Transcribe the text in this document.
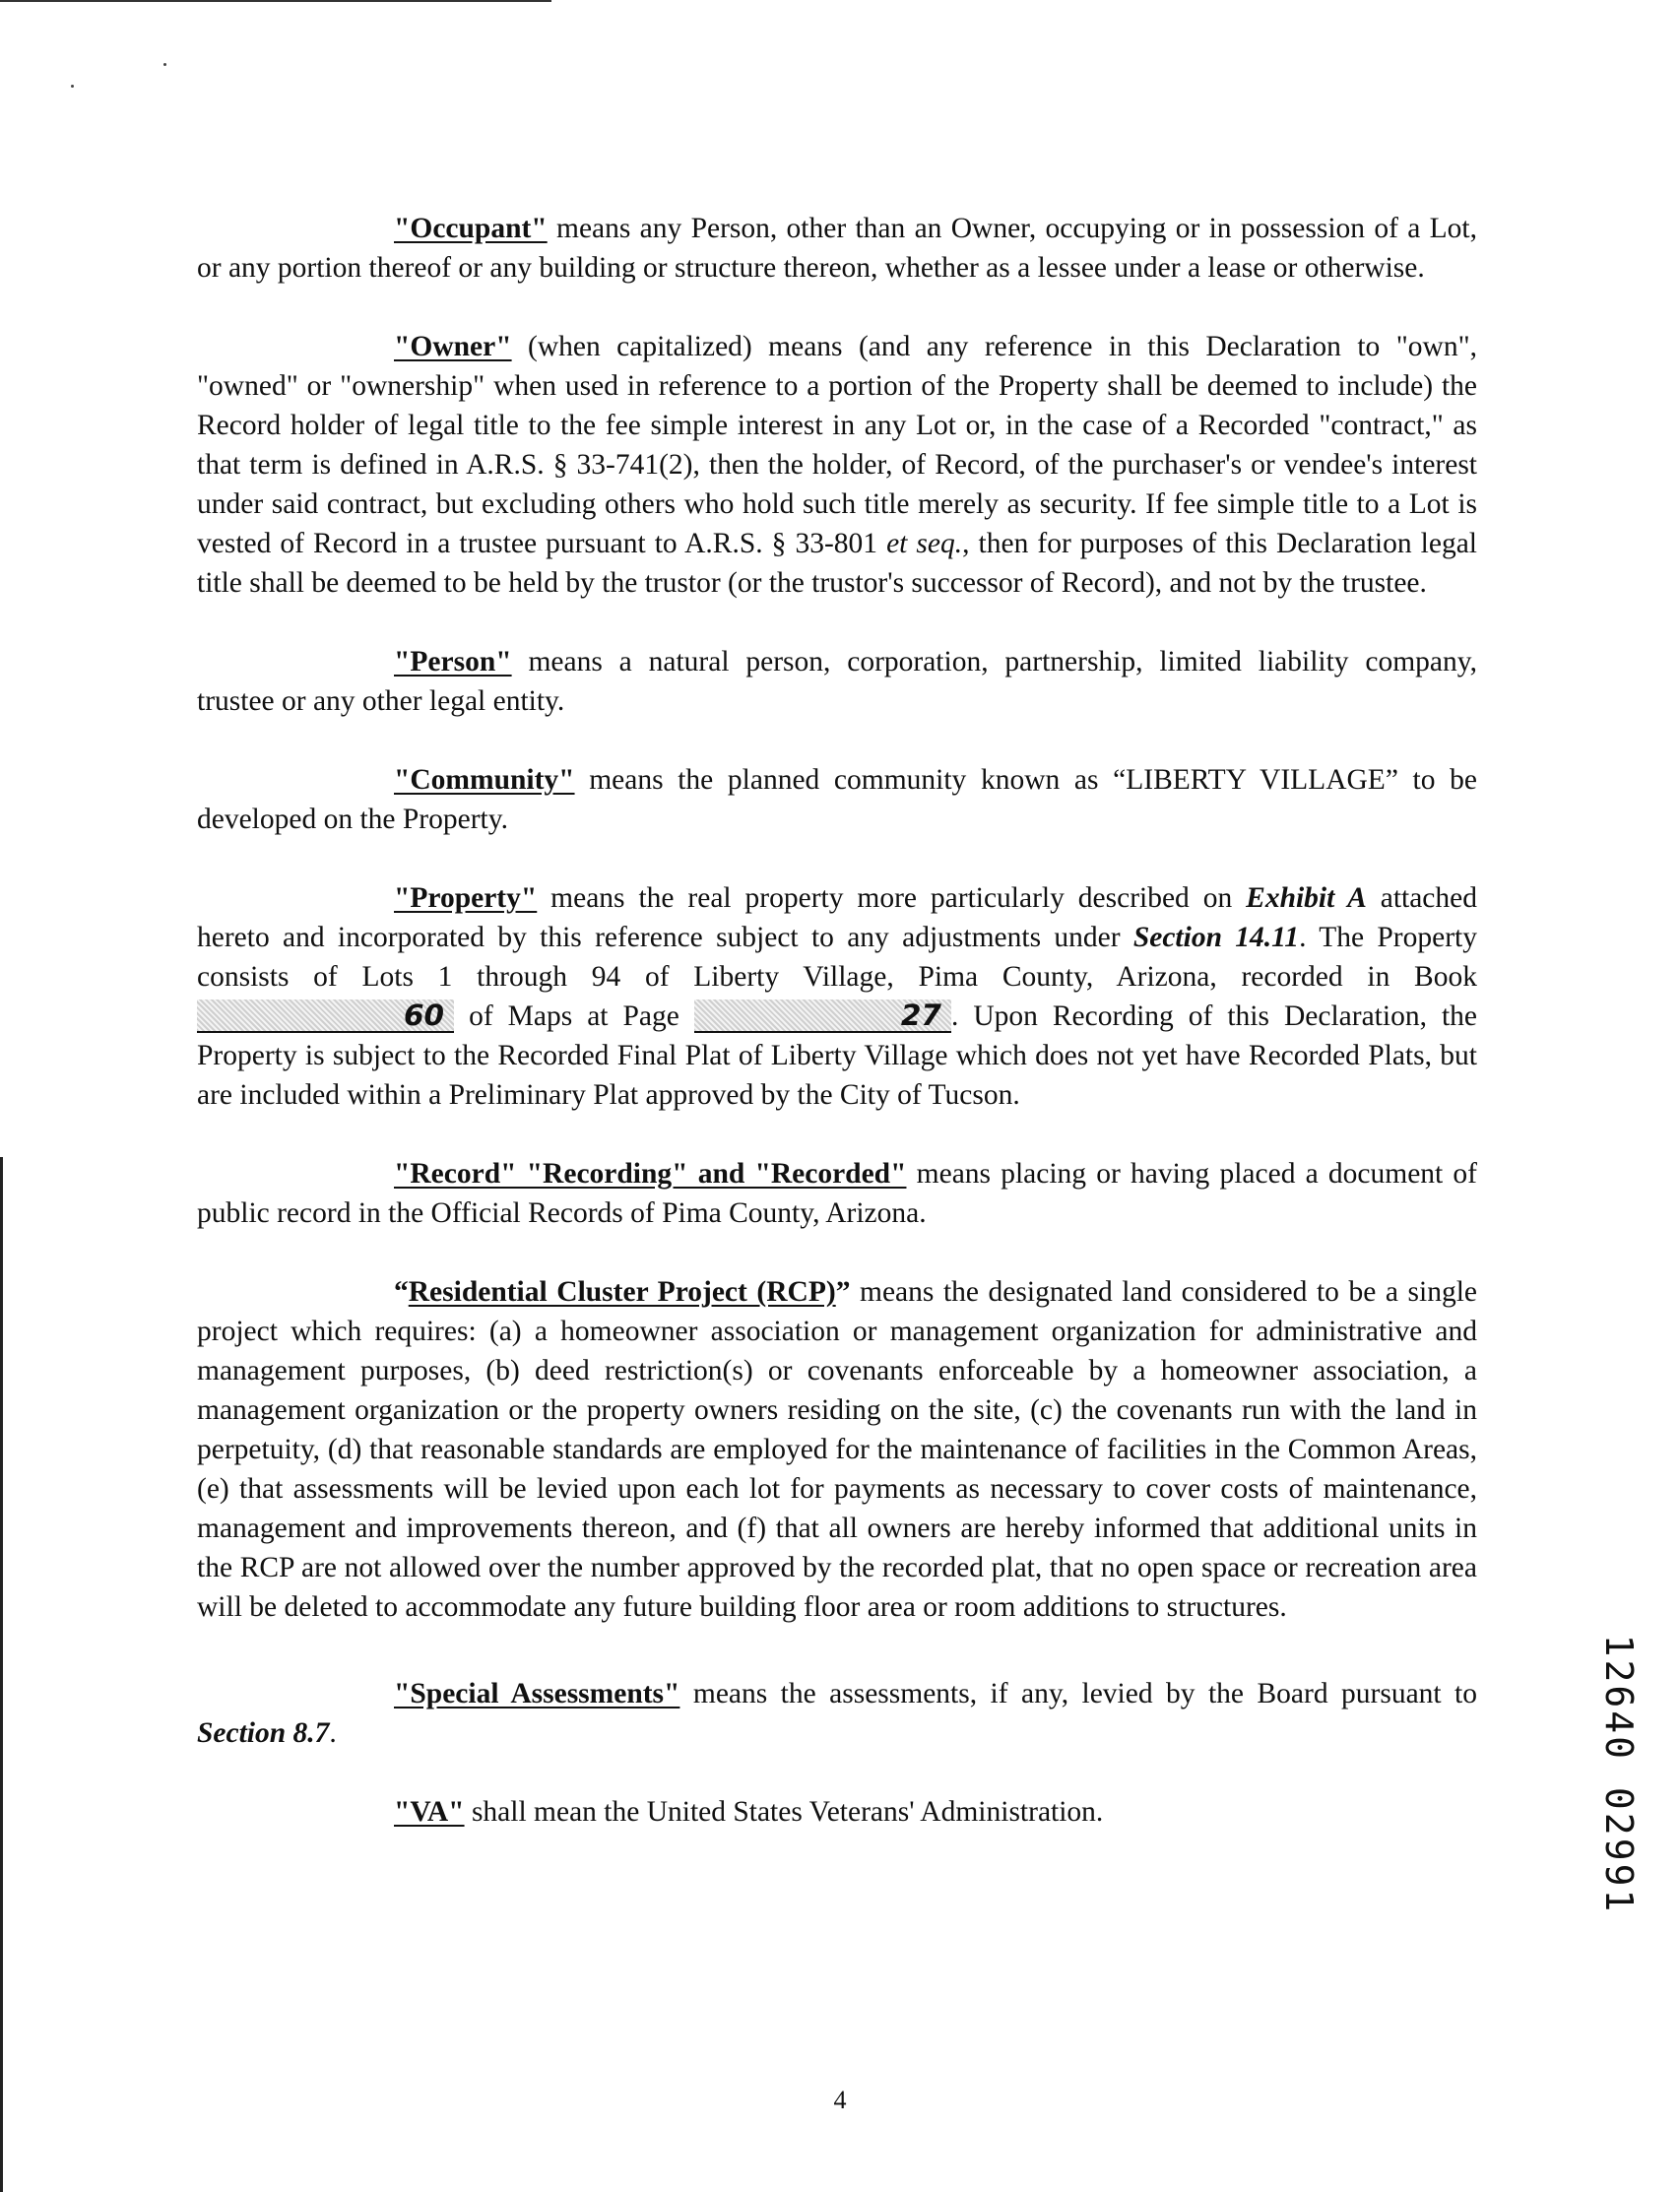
"Occupant" means any Person, other than an Owner, occupying or in possession of a Lot, or any portion thereof or any building or structure thereon, whether as a lessee under a lease or otherwise.

"Owner" (when capitalized) means (and any reference in this Declaration to "own", "owned" or "ownership" when used in reference to a portion of the Property shall be deemed to include) the Record holder of legal title to the fee simple interest in any Lot or, in the case of a Recorded "contract," as that term is defined in A.R.S. § 33-741(2), then the holder, of Record, of the purchaser's or vendee's interest under said contract, but excluding others who hold such title merely as security. If fee simple title to a Lot is vested of Record in a trustee pursuant to A.R.S. § 33-801 et seq., then for purposes of this Declaration legal title shall be deemed to be held by the trustor (or the trustor's successor of Record), and not by the trustee.

"Person" means a natural person, corporation, partnership, limited liability company, trustee or any other legal entity.

"Community" means the planned community known as “LIBERTY VILLAGE” to be developed on the Property.

"Property" means the real property more particularly described on Exhibit A attached hereto and incorporated by this reference subject to any adjustments under Section 14.11. The Property consists of Lots 1 through 94 of Liberty Village, Pima County, Arizona, recorded in Book 60 of Maps at Page	27 . Upon Recording of this Declaration, the Property is subject to the Recorded Final Plat of Liberty Village which does not yet have Recorded Plats, but are included within a Preliminary Plat approved by the City of Tucson.

"Record" "Recording" and "Recorded" means placing or having placed a document of public record in the Official Records of Pima County, Arizona.

“Residential Cluster Project (RCP)” means the designated land considered to be a single project which requires: (a) a homeowner association or management organization for administrative and management purposes, (b) deed restriction(s) or covenants enforceable by a homeowner association, a management organization or the property owners residing on the site, (c) the covenants run with the land in perpetuity, (d) that reasonable standards are employed for the maintenance of facilities in the Common Areas, (e) that assessments will be levied upon each lot for payments as necessary to cover costs of maintenance, management and improvements thereon, and (f) that all owners are hereby informed that additional units in the RCP are not allowed over the number approved by the recorded plat, that no open space or recreation area will be deleted to accommodate any future building floor area or room additions to structures.

"Special Assessments" means the assessments, if any, levied by the Board pursuant to Section 8.7.

"VA" shall mean the United States Veterans' Administration.	12640 02991
4
